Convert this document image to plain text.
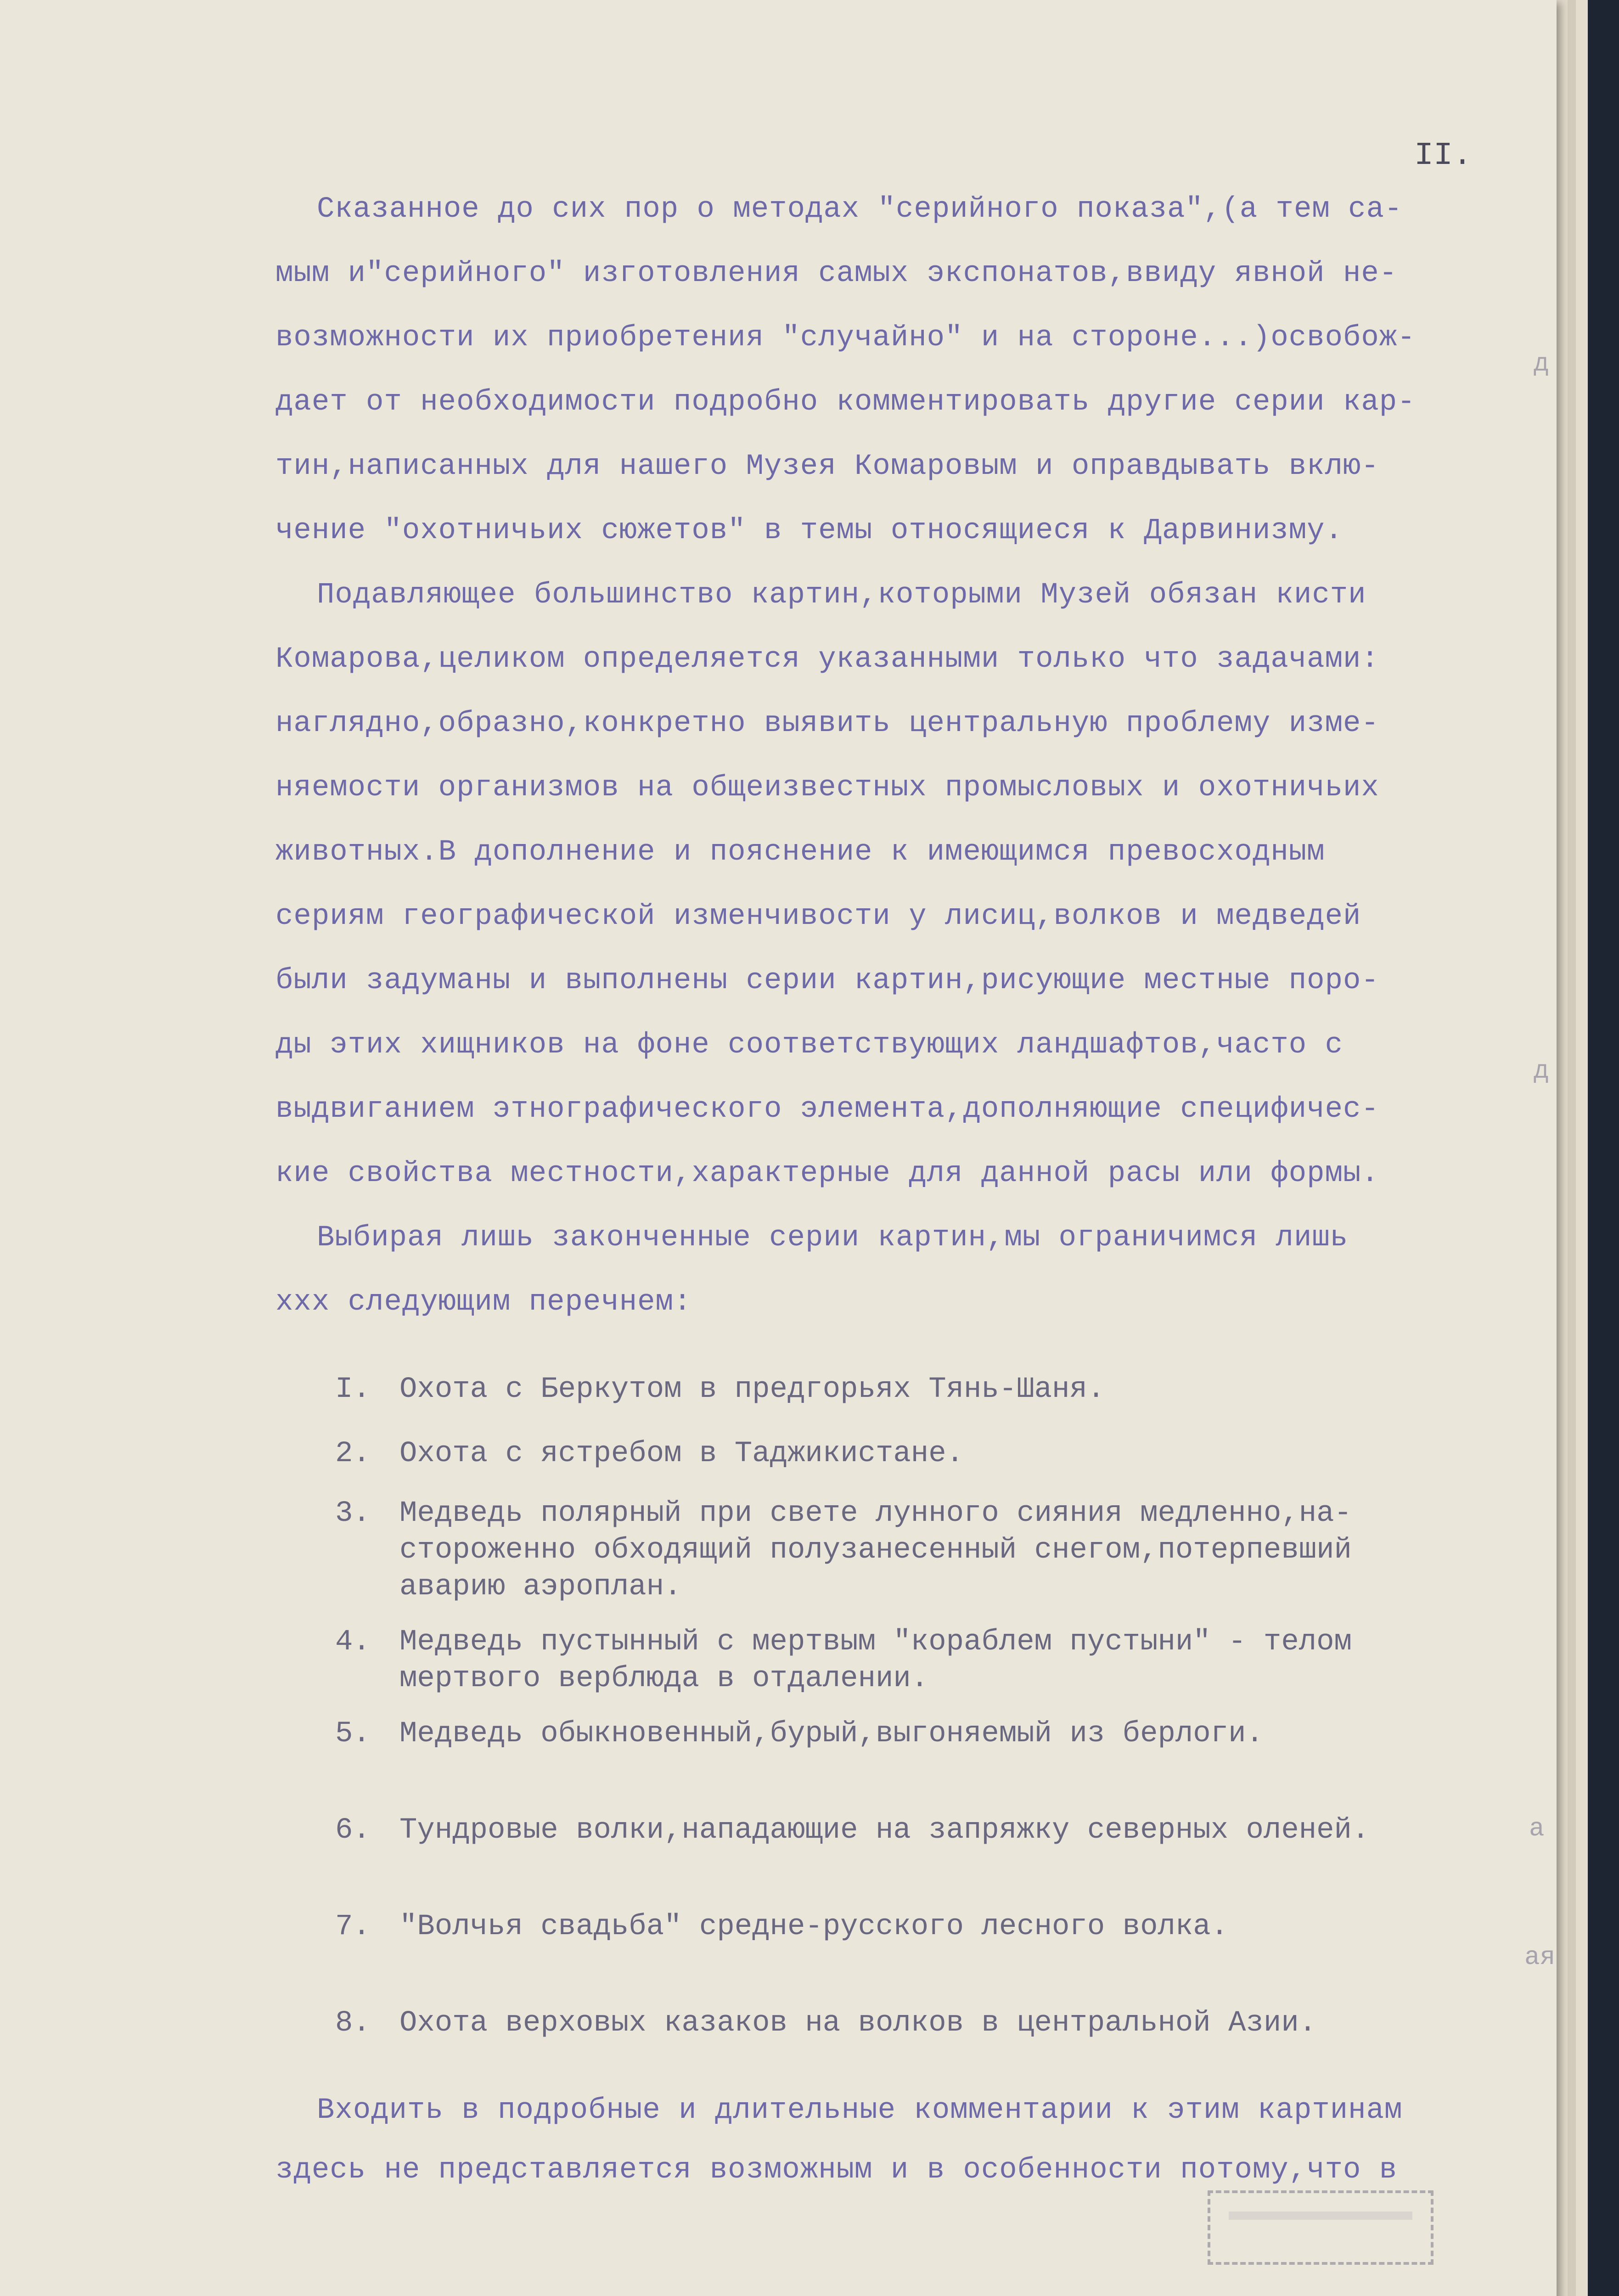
II.
Сказанное до сих пор о методах "серийного показа",(а тем са-
мым и"серийного" изготовления самых экспонатов,ввиду явной не-
возможности их приобретения "случайно" и на стороне...)освобож-
дает от необходимости подробно комментировать другие серии кар-
тин,написанных для нашего Музея Комаровым и оправдывать вклю-
чение "охотничьих сюжетов" в темы относящиеся к Дарвинизму.
Подавляющее большинство картин,которыми Музей обязан кисти
Комарова,целиком определяется указанными только что задачами:
наглядно,образно,конкретно выявить центральную проблему изме-
няемости организмов на общеизвестных промысловых и охотничьих
животных.В дополнение и пояснение к имеющимся превосходным
сериям географической изменчивости у лисиц,волков и медведей
были задуманы и выполнены серии картин,рисующие местные поро-
ды этих хищников на фоне соответствующих ландшафтов,часто с
выдвиганием этнографического элемента,дополняющие специфичес-
кие свойства местности,характерные для данной расы или формы.
Выбирая лишь законченные серии картин,мы ограничимся лишь
ххх следующим перечнем:
I. Охота с Беркутом в предгорьях Тянь-Шаня.
2. Охота с ястребом в Таджикистане.
3. Медведь полярный при свете лунного сияния медленно,на-
стороженно обходящий полузанесенный снегом,потерпевший
аварию аэроплан.
4. Медведь пустынный с мертвым "кораблем пустыни" - телом
мертвого верблюда в отдалении.
5. Медведь обыкновенный,бурый,выгоняемый из берлоги.
6. Тундровые волки,нападающие на запряжку северных оленей.
7. "Волчья свадьба" средне-русского лесного волка.
8. Охота верховых казаков на волков в центральной Азии.
Входить в подробные и длительные комментарии к этим картинам
здесь не представляется возможным и в особенности потому,что в
д
д
а
ая
